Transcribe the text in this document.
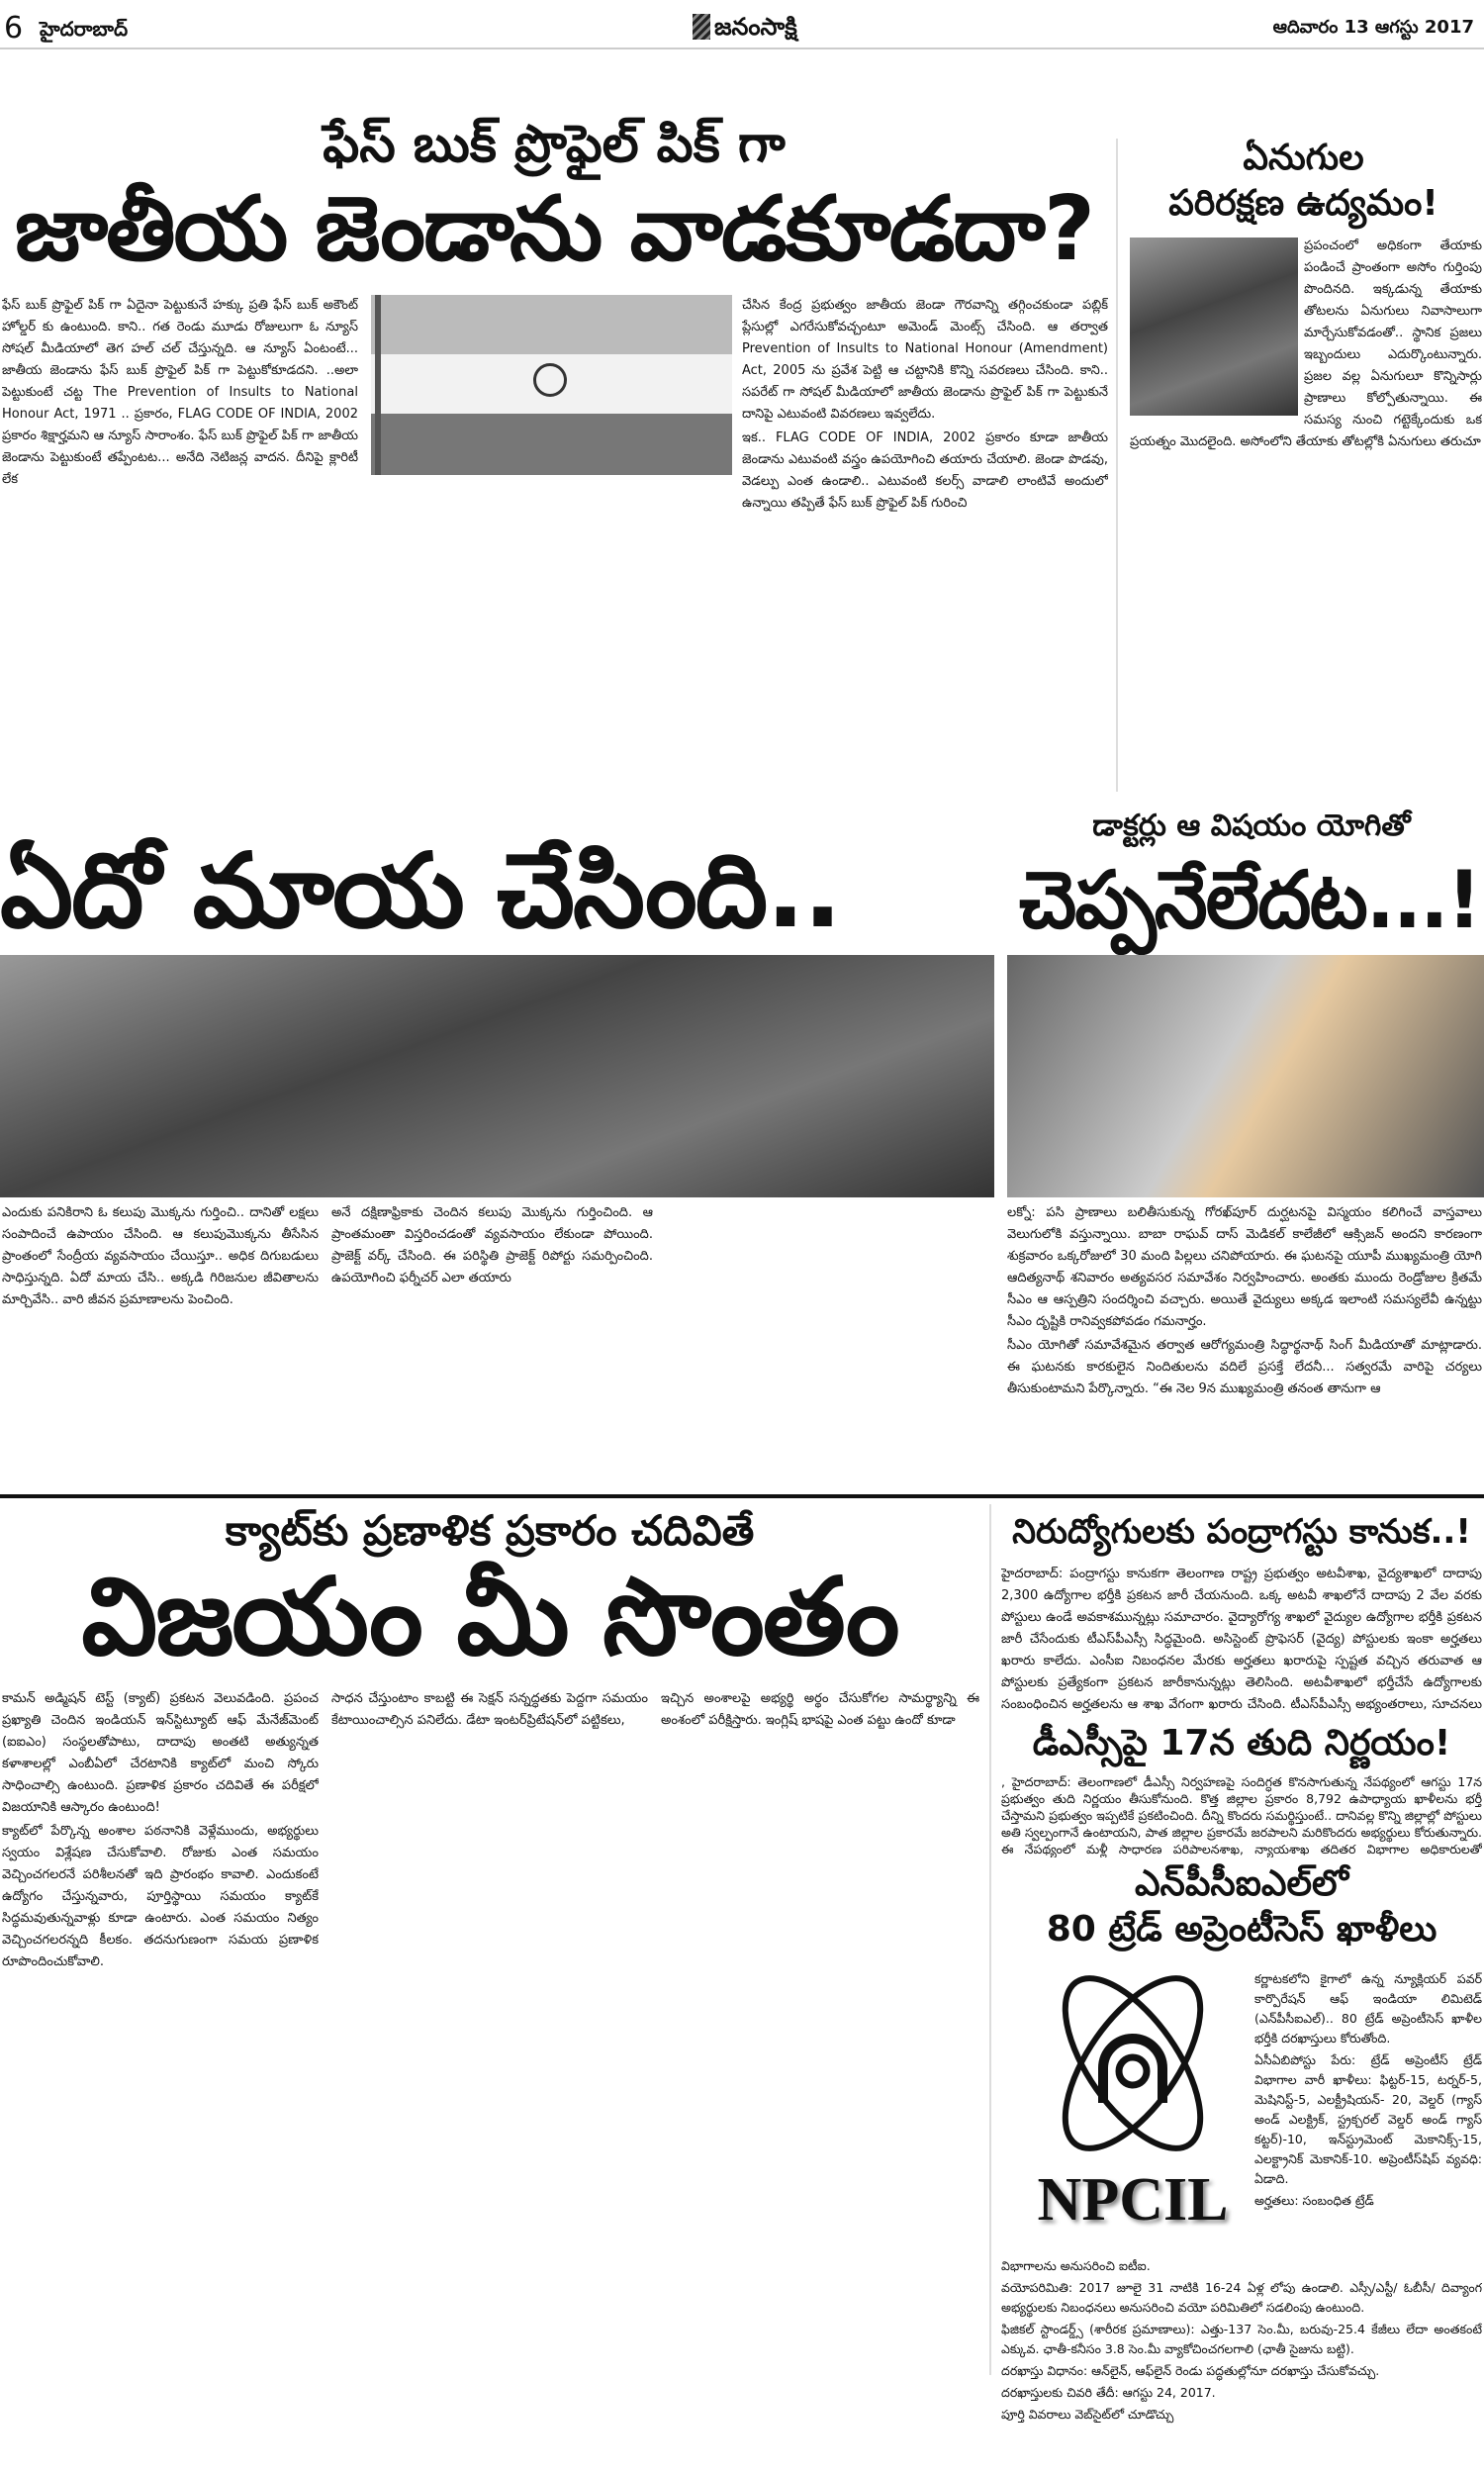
6 హైదరాబాద్	జనంసాక్షి	ఆదివారం 13 ఆగస్టు 2017
ఫేస్ బుక్ ప్రొఫైల్ పిక్ గా
జాతీయ జెండాను వాడకూడదా?

ఫేస్ బుక్ ప్రొఫైల్ పిక్ గా ఏదైనా పెట్టుకునే హక్కు ప్రతి ఫేస్ బుక్ అకౌంట్ హోల్డర్ కు ఉంటుంది. కాని.. గత రెండు మూడు రోజులుగా ఓ న్యూస్ సోషల్ మీడియాలో తెగ హల్ చల్ చేస్తున్నది. ఆ న్యూస్ ఏంటంటే... జాతీయ జెండాను ఫేస్ బుక్ ప్రొఫైల్ పిక్ గా పెట్టుకోకూడదని. ..అలా పెట్టుకుంటే చట్ట The Prevention of Insults to National Honour Act, 1971 .. ప్రకారం, FLAG CODE OF INDIA, 2002 ప్రకారం శిక్షార్హమని ఆ న్యూస్ సారాంశం. ఫేస్ బుక్ ప్రొఫైల్ పిక్ గా జాతీయ జెండాను పెట్టుకుంటే తప్పేంటట... అనేది నెటిజన్ల వాదన. దీనిపై క్లారిటీ లేక

చేసిన కేంద్ర ప్రభుత్వం జాతీయ జెండా గౌరవాన్ని తగ్గించకుండా పబ్లిక్ ప్లేసుల్లో ఎగరేసుకోవచ్చంటూ అమెండ్ మెంట్స్ చేసింది. ఆ తర్వాత Prevention of Insults to National Honour (Amendment) Act, 2005 ను ప్రవేశ పెట్టి ఆ చట్టానికి కొన్ని సవరణలు చేసింది. కాని.. సపరేట్ గా సోషల్ మీడియాలో జాతీయ జెండాను ప్రొఫైల్ పిక్ గా పెట్టుకునే దానిపై ఎటువంటి వివరణలు ఇవ్వలేదు.

ఇక.. FLAG CODE OF INDIA, 2002 ప్రకారం కూడా జాతీయ జెండాను ఎటువంటి వస్త్రం ఉపయోగించి తయారు చేయాలి. జెండా పొడవు, వెడల్పు ఎంత ఉండాలి.. ఎటువంటి కలర్స్ వాడాలి లాంటివే అందులో ఉన్నాయి తప్పితే ఫేస్ బుక్ ప్రొఫైల్ పిక్ గురించి

ఏనుగుల
పరిరక్షణ ఉద్యమం!

ప్రపంచంలో అధికంగా తేయాకు పండించే ప్రాంతంగా అసోం గుర్తింపు పొందినది. ఇక్కడున్న తేయాకు తోటలను ఏనుగులు నివాసాలుగా మార్చేసుకోవడంతో.. స్థానిక ప్రజలు ఇబ్బందులు ఎదుర్కొంటున్నారు. ప్రజల వల్ల ఏనుగులూ కొన్నిసార్లు ప్రాణాలు కోల్పోతున్నాయి. ఈ సమస్య నుంచి గట్టెక్కేందుకు ఒక ప్రయత్నం మొదలైంది. అసోంలోని తేయాకు తోటల్లోకి ఏనుగులు తరుచూ

డాక్టర్లు ఆ విషయం యోగితో
ఏదో మాయ చేసింది..	చెప్పనేలేదట...!

ఎందుకు పనికిరాని ఓ కలుపు మొక్కను గుర్తించి.. దానితో లక్షలు సంపాదించే ఉపాయం చేసింది. ఆ కలుపుమొక్కను తీసేసిన ప్రాంతంలో సేంద్రీయ వ్యవసాయం చేయిస్తూ.. అధిక దిగుబడులు సాధిస్తున్నది. ఏదో మాయ చేసి.. అక్కడి గిరిజనుల జీవితాలను మార్చివేసి.. వారి జీవన ప్రమాణాలను పెంచింది.

అనే దక్షిణాఫ్రికాకు చెందిన కలుపు మొక్కను గుర్తించింది. ఆ ప్రాంతమంతా విస్తరించడంతో వ్యవసాయం లేకుండా పోయింది. ప్రాజెక్ట్ వర్క్ చేసింది. ఈ పరిస్థితి ప్రాజెక్ట్ రిపోర్టు సమర్పించింది. ఉపయోగించి ఫర్నీచర్ ఎలా తయారు

లక్నో: పసి ప్రాణాలు బలితీసుకున్న గోరఖ్‌పూర్ దుర్ఘటనపై విస్మయం కలిగించే వాస్తవాలు వెలుగులోకి వస్తున్నాయి. బాబా రాఘవ్ దాస్ మెడికల్ కాలేజీలో ఆక్సిజన్ అందని కారణంగా శుక్రవారం ఒక్కరోజులో 30 మంది పిల్లలు చనిపోయారు. ఈ ఘటనపై యూపీ ముఖ్యమంత్రి యోగి ఆదిత్యనాథ్ శనివారం అత్యవసర సమావేశం నిర్వహించారు. అంతకు ముందు రెండ్రోజుల క్రితమే సీఎం ఆ ఆస్పత్రిని సందర్శించి వచ్చారు. అయితే వైద్యులు అక్కడ ఇలాంటి సమస్యలేవీ ఉన్నట్టు సీఎం దృష్టికి రానివ్వకపోవడం గమనార్హం.

సీఎం యోగితో సమావేశమైన తర్వాత ఆరోగ్యమంత్రి సిద్ధార్థనాథ్ సింగ్ మీడియాతో మాట్లాడారు. ఈ ఘటనకు కారకులైన నిందితులను వదిలే ప్రసక్తే లేదనీ... సత్వరమే వారిపై చర్యలు తీసుకుంటామని పేర్కొన్నారు. “ఈ నెల 9న ముఖ్యమంత్రి తనంత తానుగా ఆ

క్యాట్‌కు ప్రణాళిక ప్రకారం చదివితే
విజయం మీ సొంతం

కామన్ అడ్మిషన్ టెస్ట్ (క్యాట్) ప్రకటన వెలువడింది. ప్రపంచ ప్రఖ్యాతి చెందిన ఇండియన్ ఇన్‌స్టిట్యూట్ ఆఫ్ మేనేజ్‌మెంట్ (ఐఐఎం) సంస్థలతోపాటు, దాదాపు అంతటి అత్యున్నత కళాశాలల్లో ఎంబీఏలో చేరటానికి క్యాట్‌లో మంచి స్కోరు సాధించాల్సి ఉంటుంది. ప్రణాళిక ప్రకారం చదివితే ఈ పరీక్షలో విజయానికి ఆస్కారం ఉంటుంది!

క్యాట్‌లో పేర్కొన్న అంశాల పఠనానికి వెళ్లేముందు, అభ్యర్థులు స్వయం విశ్లేషణ చేసుకోవాలి. రోజుకు ఎంత సమయం వెచ్చించగలరనే పరిశీలనతో ఇది ప్రారంభం కావాలి. ఎందుకంటే ఉద్యోగం చేస్తున్నవారు, పూర్తిస్థాయి సమయం క్యాట్‌కే సిద్ధమవుతున్నవాళ్లు కూడా ఉంటారు. ఎంత సమయం నిత్యం వెచ్చించగలరన్నది కీలకం. తదనుగుణంగా సమయ ప్రణాళిక రూపొందించుకోవాలి.

సాధన చేస్తుంటాం కాబట్టి ఈ సెక్షన్ సన్నద్ధతకు పెద్దగా సమయం కేటాయించాల్సిన పనిలేదు. డేటా ఇంటర్‌ప్రిటేషన్‌లో పట్టికలు,

ఇచ్చిన అంశాలపై అభ్యర్థి అర్థం చేసుకోగల సామర్థ్యాన్ని ఈ అంశంలో పరీక్షిస్తారు. ఇంగ్లిష్ భాషపై ఎంత పట్టు ఉందో కూడా

నిరుద్యోగులకు పంద్రాగస్టు కానుక..!

హైదరాబాద్: పంద్రాగస్టు కానుకగా తెలంగాణ రాష్ట్ర ప్రభుత్వం అటవీశాఖ, వైద్యశాఖలో దాదాపు 2,300 ఉద్యోగాల భర్తీకి ప్రకటన జారీ చేయనుంది. ఒక్క అటవీ శాఖలోనే దాదాపు 2 వేల వరకు పోస్టులు ఉండే అవకాశమున్నట్లు సమాచారం. వైద్యారోగ్య శాఖలో వైద్యుల ఉద్యోగాల భర్తీకి ప్రకటన జారీ చేసేందుకు టీఎస్‌పీఎస్సీ సిద్ధమైంది. అసిస్టెంట్ ప్రొఫెసర్ (వైద్య) పోస్టులకు ఇంకా అర్హతలు ఖరారు కాలేదు. ఎంసీఐ నిబంధనల మేరకు అర్హతలు ఖరారుపై స్పష్టత వచ్చిన తరువాత ఆ పోస్టులకు ప్రత్యేకంగా ప్రకటన జారీకానున్నట్లు తెలిసింది. అటవీశాఖలో భర్తీచేసే ఉద్యోగాలకు సంబంధించిన అర్హతలను ఆ శాఖ వేగంగా ఖరారు చేసింది. టీఎస్‌పీఎస్సీ అభ్యంతరాలు, సూచనలు

డీఎస్సీపై 17న తుది నిర్ణయం!

, హైదరాబాద్: తెలంగాణలో డీఎస్సీ నిర్వహణపై సందిగ్ధత కొనసాగుతున్న నేపథ్యంలో ఆగస్టు 17న ప్రభుత్వం తుది నిర్ణయం తీసుకోనుంది. కొత్త జిల్లాల ప్రకారం 8,792 ఉపాధ్యాయ ఖాళీలను భర్తీ చేస్తామని ప్రభుత్వం ఇప్పటికే ప్రకటించింది. దీన్ని కొందరు సమర్థిస్తుంటే.. దానివల్ల కొన్ని జిల్లాల్లో పోస్టులు అతి స్వల్పంగానే ఉంటాయని, పాత జిల్లాల ప్రకారమే జరపాలని మరికొందరు అభ్యర్థులు కోరుతున్నారు. ఈ నేపథ్యంలో మళ్లీ సాధారణ పరిపాలనశాఖ, న్యాయశాఖ తదితర విభాగాల అధికారులతో

ఎన్‌పీసీఐఎల్‌లో
80 ట్రేడ్ అప్రెంటీసెస్ ఖాళీలు
NPCIL

కర్ణాటకలోని కైగాలో ఉన్న న్యూక్లియర్ పవర్ కార్పొరేషన్ ఆఫ్ ఇండియా లిమిటెడ్ (ఎన్‌పీసీఐఎల్).. 80 ట్రేడ్ అప్రెంటీసెస్ ఖాళీల భర్తీకి దరఖాస్తులు కోరుతోంది.

ఏసీఏబిపోస్టు పేరు: ట్రేడ్ అప్రెంటీస్ ట్రేడ్ విభాగాల వారీ ఖాళీలు: ఫిట్టర్-15, టర్నర్-5, మెషినిస్ట్-5, ఎలక్ట్రీషియన్- 20, వెల్డర్ (గ్యాస్ అండ్ ఎలక్ట్రిక్, స్ట్రక్చరల్ వెల్డర్ అండ్ గ్యాస్ కట్టర్)-10, ఇన్‌స్ట్రుమెంట్ మెకానిక్స్-15, ఎలక్ట్రానిక్ మెకానిక్-10. అప్రెంటీస్‌షిప్ వ్యవధి: ఏడాది.

అర్హతలు: సంబంధిత ట్రేడ్

విభాగాలను అనుసరించి ఐటీఐ.

వయోపరిమితి: 2017 జూలై 31 నాటికి 16-24 ఏళ్ల లోపు ఉండాలి. ఎస్సీ/ఎస్టీ/ ఓబీసీ/ దివ్యాంగ అభ్యర్థులకు నిబంధనలు అనుసరించి వయో పరిమితిలో సడలింపు ఉంటుంది.

ఫిజికల్ స్టాండర్డ్స్ (శారీరక ప్రమాణాలు): ఎత్తు-137 సెం.మీ, బరువు-25.4 కేజీలు లేదా అంతకంటే ఎక్కువ. ఛాతీ-కనీసం 3.8 సెం.మీ వ్యాకోచించగలగాలి (ఛాతీ సైజును బట్టి).

దరఖాస్తు విధానం: ఆన్‌లైన్, ఆఫ్‌లైన్ రెండు పద్ధతుల్లోనూ దరఖాస్తు చేసుకోవచ్చు.

దరఖాస్తులకు చివరి తేదీ: ఆగస్టు 24, 2017.

పూర్తి వివరాలు వెబ్‌సైట్‌లో చూడొచ్చు
